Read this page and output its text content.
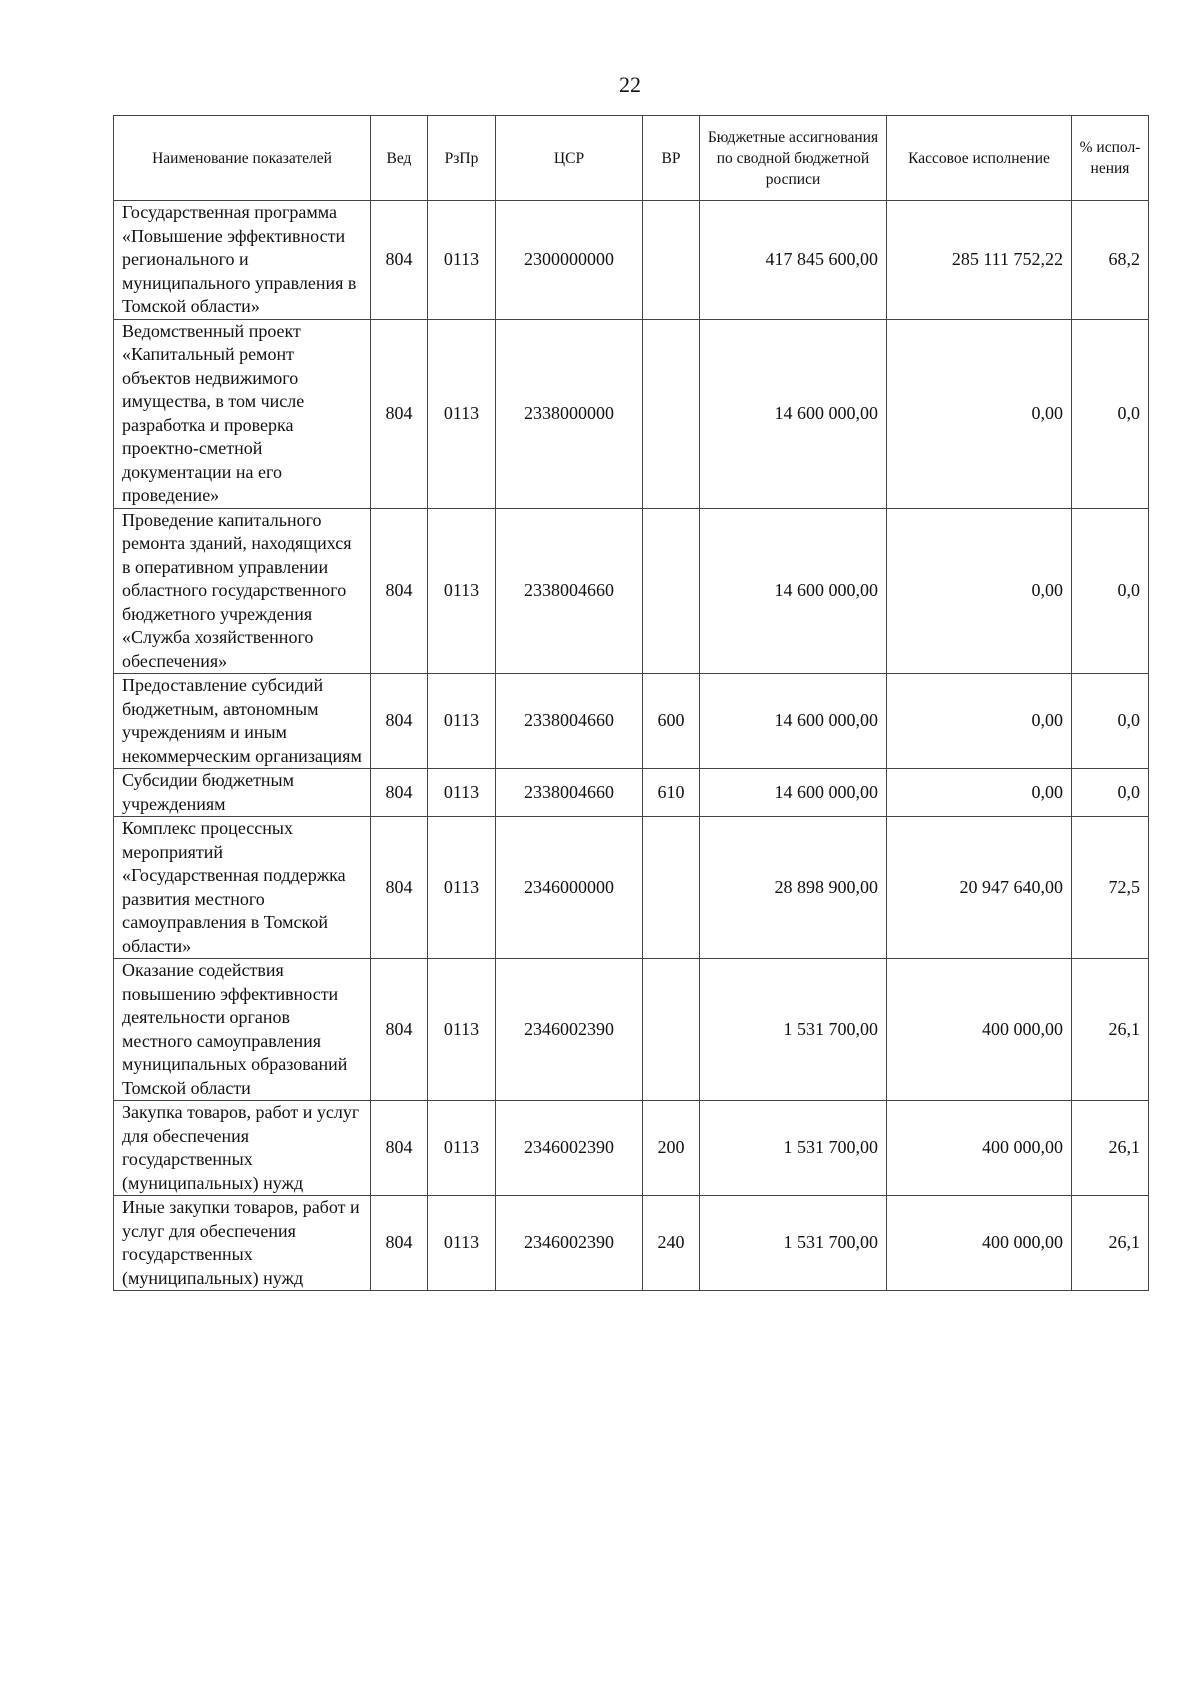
22
Наименование показателей	Вед	РзПр	ЦСР	ВР	Бюджетные ассигнования по сводной бюджетной росписи	Кассовое исполнение	% испол-нения
Государственная программа «Повышение эффективности регионального и муниципального управления в Томской области»	804	0113	2300000000		417 845 600,00	285 111 752,22	68,2
Ведомственный проект «Капитальный ремонт объектов недвижимого имущества, в том числе разработка и проверка проектно-сметной документации на его проведение»	804	0113	2338000000		14 600 000,00	0,00	0,0
Проведение капитального ремонта зданий, находящихся в оперативном управлении областного государственного бюджетного учреждения «Служба хозяйственного обеспечения»	804	0113	2338004660		14 600 000,00	0,00	0,0
Предоставление субсидий бюджетным, автономным учреждениям и иным некоммерческим организациям	804	0113	2338004660	600	14 600 000,00	0,00	0,0
Субсидии бюджетным учреждениям	804	0113	2338004660	610	14 600 000,00	0,00	0,0
Комплекс процессных мероприятий «Государственная поддержка развития местного самоуправления в Томской области»	804	0113	2346000000		28 898 900,00	20 947 640,00	72,5
Оказание содействия повышению эффективности деятельности органов местного самоуправления муниципальных образований Томской области	804	0113	2346002390		1 531 700,00	400 000,00	26,1
Закупка товаров, работ и услуг для обеспечения государственных (муниципальных) нужд	804	0113	2346002390	200	1 531 700,00	400 000,00	26,1
Иные закупки товаров, работ и услуг для обеспечения государственных (муниципальных) нужд	804	0113	2346002390	240	1 531 700,00	400 000,00	26,1
